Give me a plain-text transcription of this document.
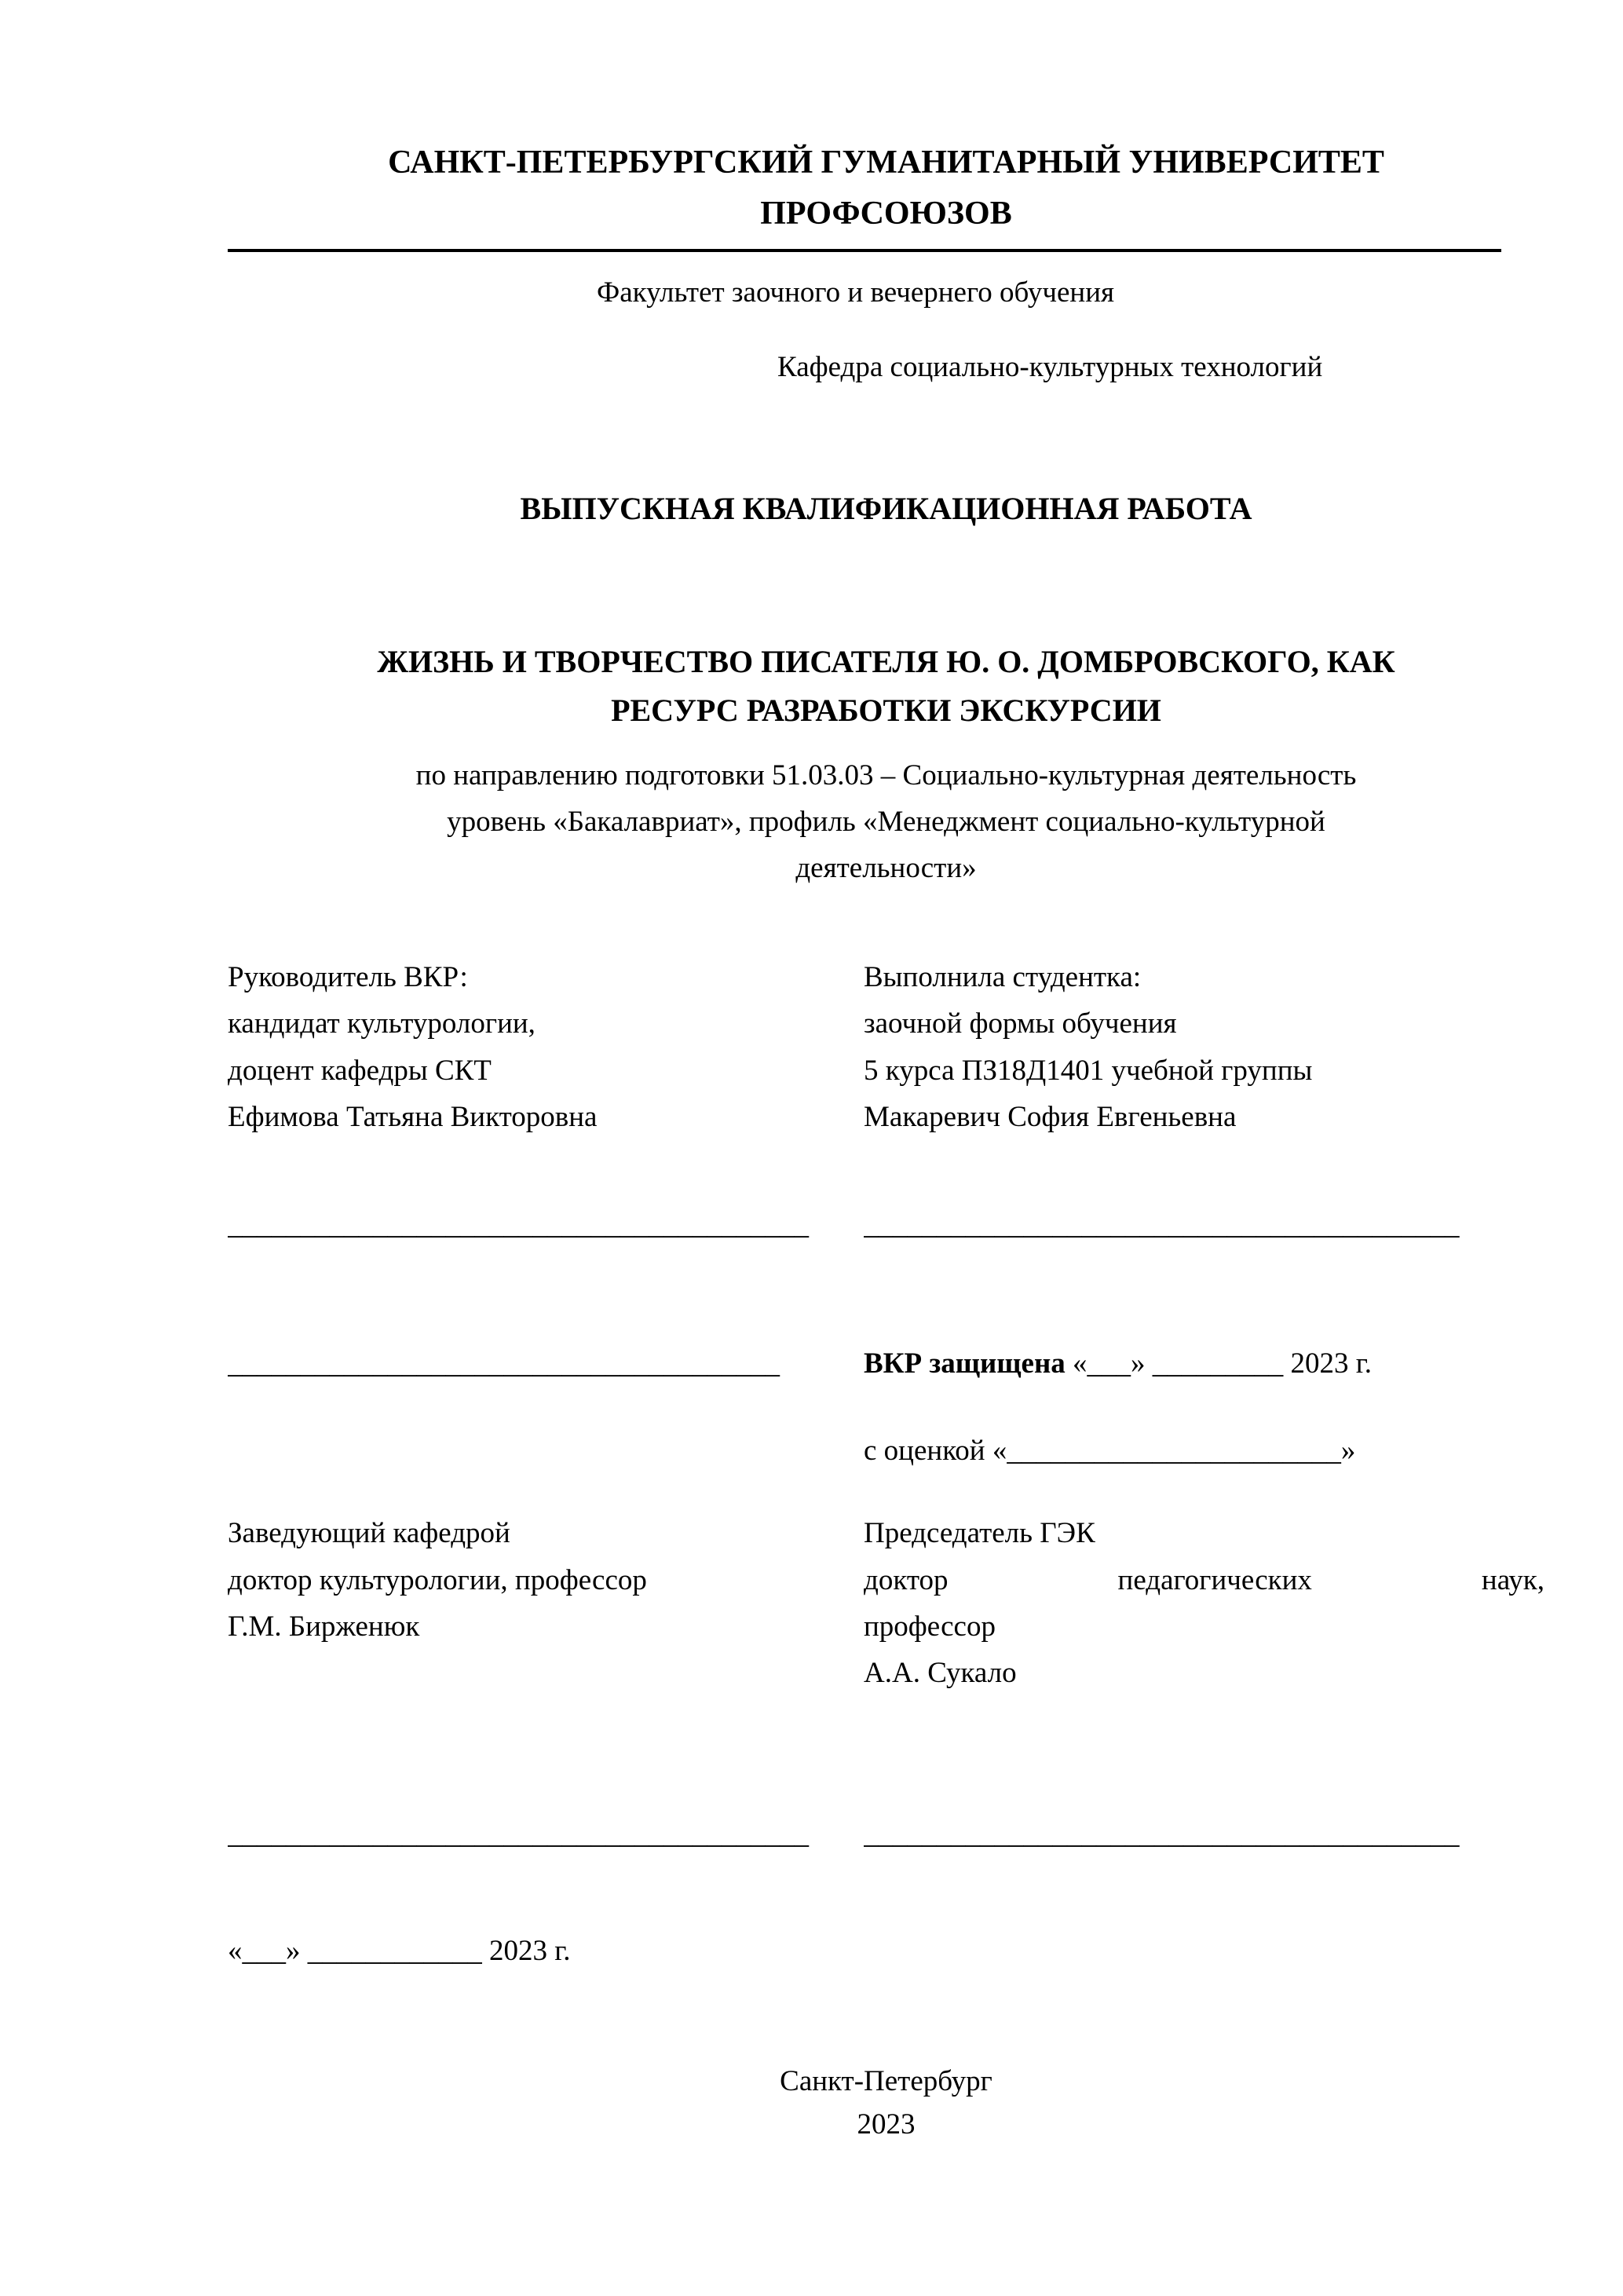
САНКТ-ПЕТЕРБУРГСКИЙ ГУМАНИТАРНЫЙ УНИВЕРСИТЕТ
ПРОФСОЮЗОВ
Факультет заочного и вечернего обучения
Кафедра социально-культурных технологий
ВЫПУСКНАЯ КВАЛИФИКАЦИОННАЯ РАБОТА
ЖИЗНЬ И ТВОРЧЕСТВО ПИСАТЕЛЯ Ю. О. ДОМБРОВСКОГО, КАК
РЕСУРС РАЗРАБОТКИ ЭКСКУРСИИ
по направлению подготовки 51.03.03 – Социально-культурная деятельность
уровень «Бакалавриат», профиль «Менеджмент социально-культурной
деятельности»
Руководитель ВКР:
кандидат культурологии,
доцент кафедры СКТ
Ефимова Татьяна Викторовна
Выполнила студентка:
заочной формы обучения
5 курса ПЗ18Д1401 учебной группы
Макаревич София Евгеньевна
________________________________________	_________________________________________
______________________________________	ВКР защищена «___» _________ 2023 г.
с оценкой «_______________________»
Заведующий кафедрой
доктор культурологии, профессор
Г.М. Бирженюк
Председатель ГЭК
доктор педагогических наук,
профессор
А.А. Сукало
________________________________________	_________________________________________
«___» ____________ 2023 г.
Санкт-Петербург
2023
